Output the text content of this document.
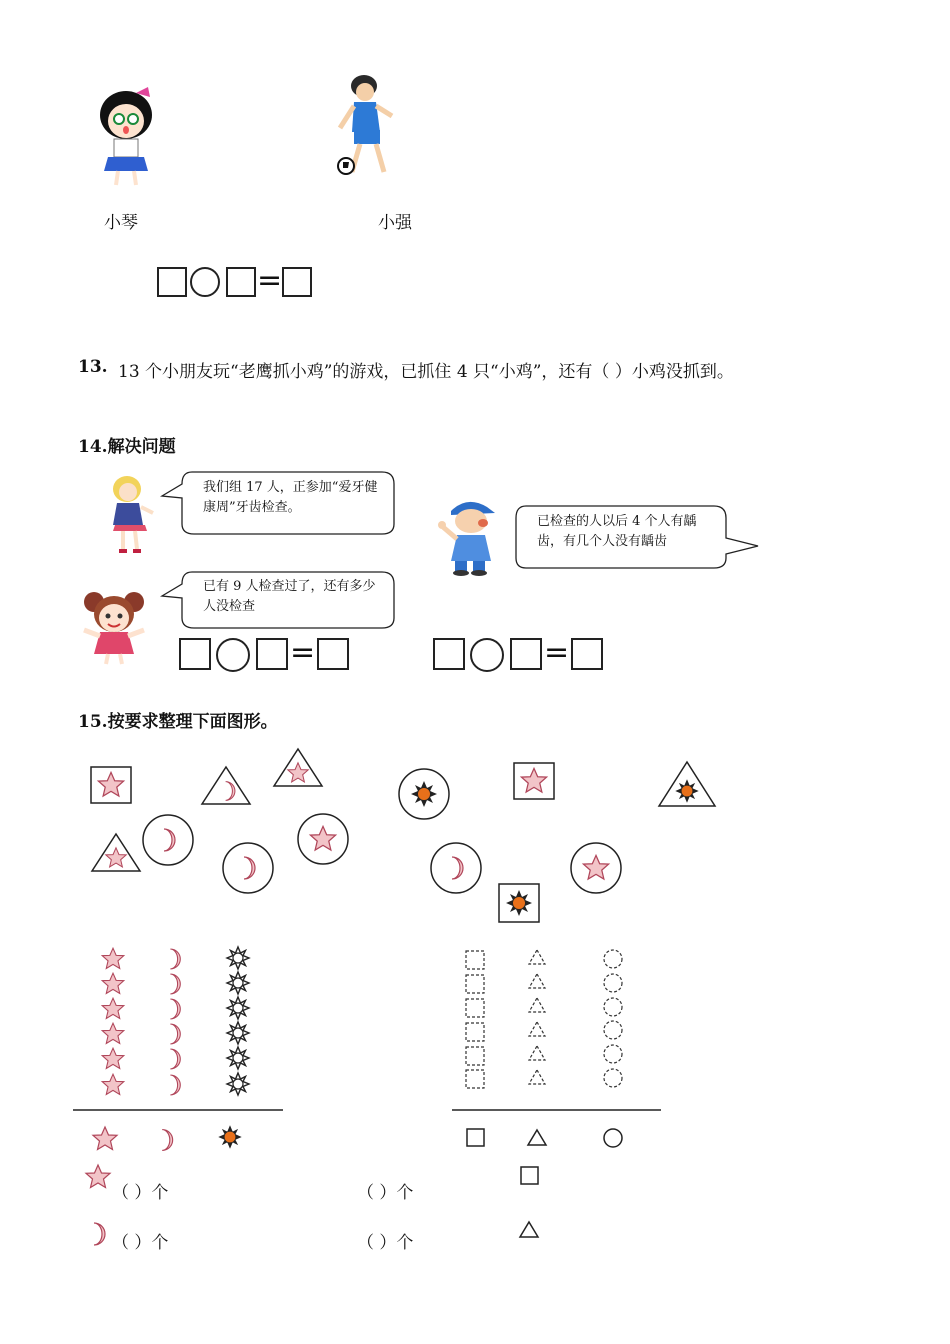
小琴	小强
=
13. 13 个小朋友玩“老鹰抓小鸡”的游戏，已抓住 4 只“小鸡”，还有（ ）小鸡没抓到。
14.解决问题
我们组 17 人，正参加“爱牙健康周”牙齿检查。
已检查的人以后 4 个人有龋齿，有几个人没有龋齿
已有 9 人检查过了，还有多少人没检查
=	=
15.按要求整理下面图形。
（ ）个	（ ）个
（ ）个	（ ）个
